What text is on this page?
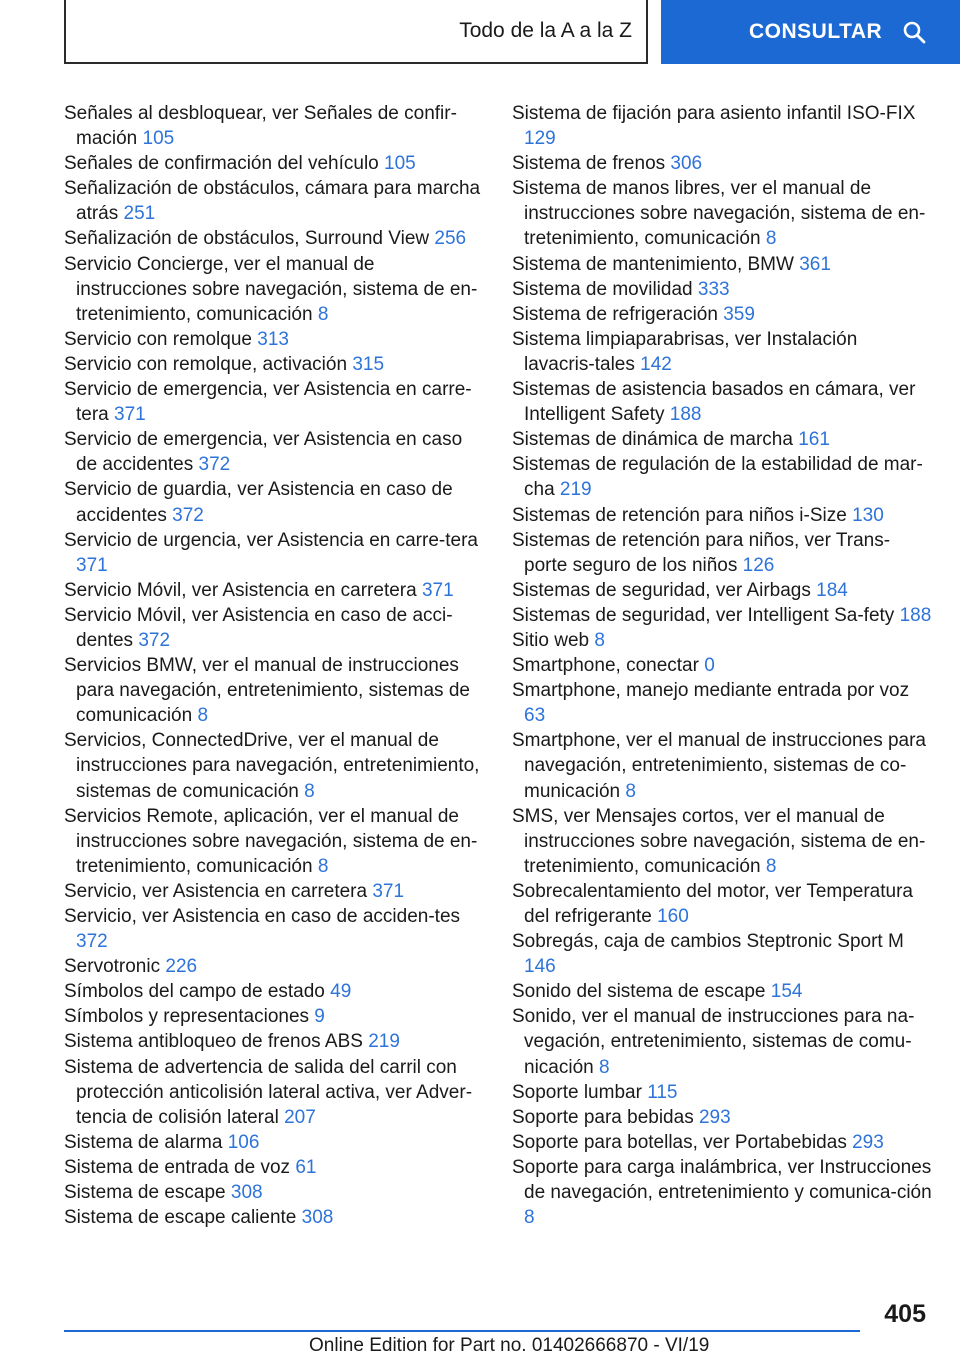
Todo de la A a la Z	CONSULTAR

Señales al desbloquear, ver Señales de confir‐mación 105

Señales de confirmación del vehículo 105

Señalización de obstáculos, cámara para marcha atrás 251

Señalización de obstáculos, Surround View 256

Servicio Concierge, ver el manual de instrucciones sobre navegación, sistema de en‐tretenimiento, comunicación 8

Servicio con remolque 313

Servicio con remolque, activación 315

Servicio de emergencia, ver Asistencia en carre‐tera 371

Servicio de emergencia, ver Asistencia en caso de accidentes 372

Servicio de guardia, ver Asistencia en caso de accidentes 372

Servicio de urgencia, ver Asistencia en carre‐tera 371

Servicio Móvil, ver Asistencia en carretera 371

Servicio Móvil, ver Asistencia en caso de acci‐dentes 372

Servicios BMW, ver el manual de instrucciones para navegación, entretenimiento, sistemas de comunicación 8

Servicios, ConnectedDrive, ver el manual de instrucciones para navegación, entretenimiento, sistemas de comunicación 8

Servicios Remote, aplicación, ver el manual de instrucciones sobre navegación, sistema de en‐tretenimiento, comunicación 8

Servicio, ver Asistencia en carretera 371

Servicio, ver Asistencia en caso de acciden‐tes 372

Servotronic 226

Símbolos del campo de estado 49

Símbolos y representaciones 9

Sistema antibloqueo de frenos ABS 219

Sistema de advertencia de salida del carril con protección anticolisión lateral activa, ver Adver‐tencia de colisión lateral 207

Sistema de alarma 106

Sistema de entrada de voz 61

Sistema de escape 308

Sistema de escape caliente 308

Sistema de fijación para asiento infantil ISO‐FIX 129

Sistema de frenos 306

Sistema de manos libres, ver el manual de instrucciones sobre navegación, sistema de en‐tretenimiento, comunicación 8

Sistema de mantenimiento, BMW 361

Sistema de movilidad 333

Sistema de refrigeración 359

Sistema limpiaparabrisas, ver Instalación lavacris‐tales 142

Sistemas de asistencia basados en cámara, ver Intelligent Safety 188

Sistemas de dinámica de marcha 161

Sistemas de regulación de la estabilidad de mar‐cha 219

Sistemas de retención para niños i-Size 130

Sistemas de retención para niños, ver Trans‐porte seguro de los niños 126

Sistemas de seguridad, ver Airbags 184

Sistemas de seguridad, ver Intelligent Sa‐fety 188

Sitio web 8

Smartphone, conectar 0

Smartphone, manejo mediante entrada por voz 63

Smartphone, ver el manual de instrucciones para navegación, entretenimiento, sistemas de co‐municación 8

SMS, ver Mensajes cortos, ver el manual de instrucciones sobre navegación, sistema de en‐tretenimiento, comunicación 8

Sobrecalentamiento del motor, ver Temperatura del refrigerante 160

Sobregás, caja de cambios Steptronic Sport M 146

Sonido del sistema de escape 154

Sonido, ver el manual de instrucciones para na‐vegación, entretenimiento, sistemas de comu‐nicación 8

Soporte lumbar 115

Soporte para bebidas 293

Soporte para botellas, ver Portabebidas 293

Soporte para carga inalámbrica, ver Instrucciones de navegación, entretenimiento y comunica‐ción 8

405
Online Edition for Part no. 01402666870 - VI/19
